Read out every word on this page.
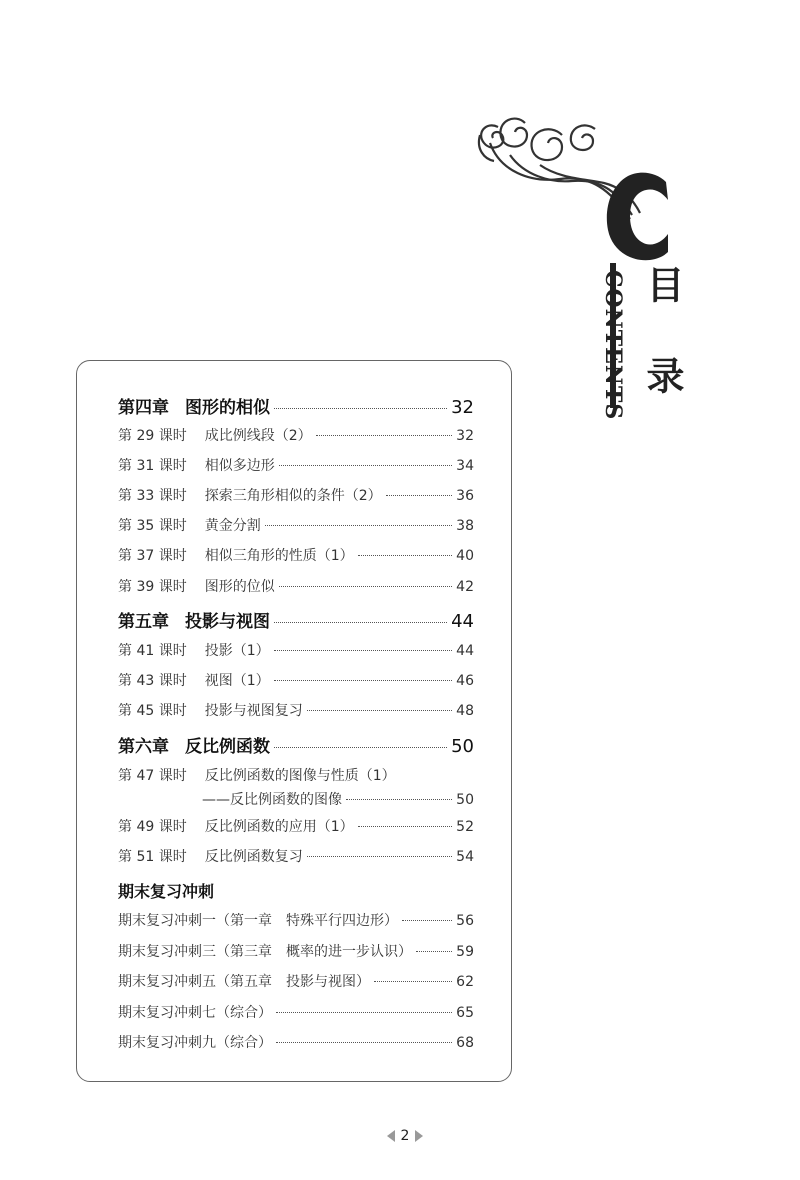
CONTENTS 目 录
第四章 图形的相似	32
第 29 课时 成比例线段（2）	32
第 31 课时 相似多边形	34
第 33 课时 探索三角形相似的条件（2）	36
第 35 课时 黄金分割	38
第 37 课时 相似三角形的性质（1）	40
第 39 课时 图形的位似	42
第五章 投影与视图	44
第 41 课时 投影（1）	44
第 43 课时 视图（1）	46
第 45 课时 投影与视图复习	48
第六章 反比例函数	50
第 47 课时 反比例函数的图像与性质（1）
——反比例函数的图像	50
第 49 课时 反比例函数的应用（1）	52
第 51 课时 反比例函数复习	54
期末复习冲刺
期末复习冲刺一（第一章　特殊平行四边形）	56
期末复习冲刺三（第三章　概率的进一步认识）	59
期末复习冲刺五（第五章　投影与视图）	62
期末复习冲刺七（综合）	65
期末复习冲刺九（综合）	68
2
